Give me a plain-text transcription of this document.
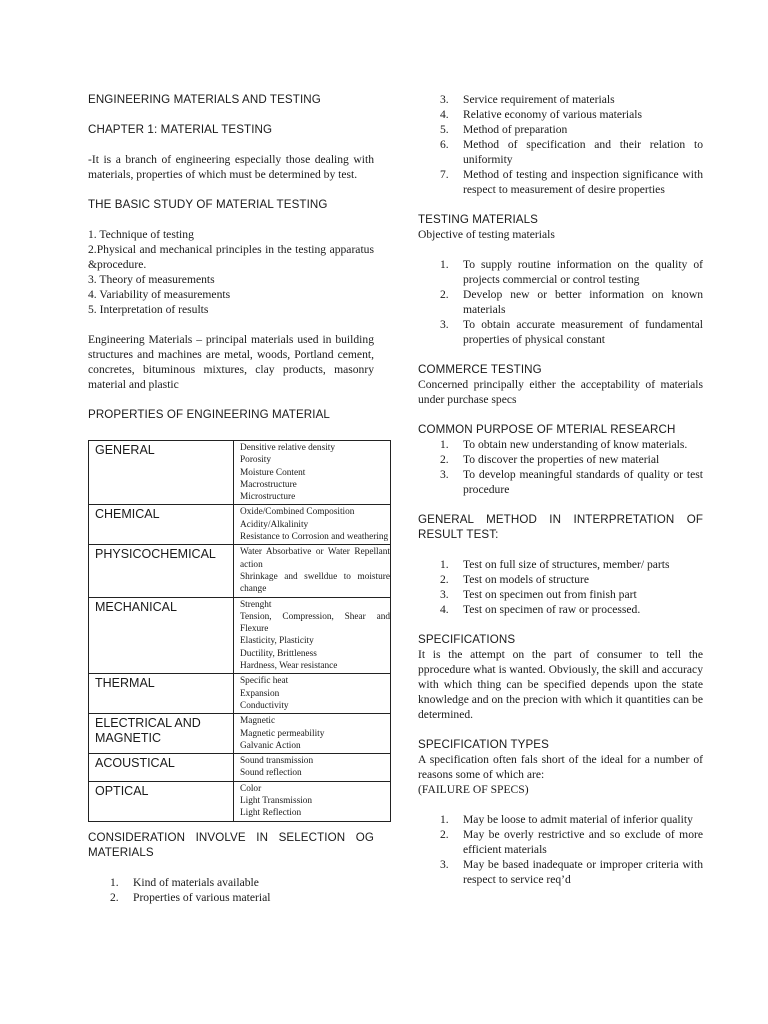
ENGINEERING MATERIALS AND TESTING

CHAPTER 1: MATERIAL TESTING

-It is a branch of engineering especially those dealing with materials, properties of which must be determined by test.

THE BASIC STUDY OF MATERIAL TESTING

1. Technique of testing
2.Physical and mechanical principles in the testing apparatus &procedure.
3. Theory of measurements
4. Variability of measurements
5. Interpretation of results

Engineering Materials – principal materials used in building structures and machines are metal, woods, Portland cement, concretes, bituminous mixtures, clay products, masonry material and plastic

PROPERTIES OF ENGINEERING MATERIAL

GENERAL	Densitive relative density
Porosity
Moisture Content
Macrostructure
Microstructure

CHEMICAL	Oxide/Combined Composition
Acidity/Alkalinity
Resistance to Corrosion and weathering

PHYSICOCHEMICAL	Water Absorbative or Water Repellant action
Shrinkage and swelldue to moisture change

MECHANICAL	Strenght
Tension, Compression, Shear and Flexure
Elasticity, Plasticity
Ductility, Brittleness
Hardness, Wear resistance

THERMAL	Specific heat
Expansion
Conductivity

ELECTRICAL AND MAGNETIC	Magnetic
Magnetic permeability
Galvanic Action

ACOUSTICAL	Sound transmission
Sound reflection

OPTICAL	Color
Light Transmission
Light Reflection

CONSIDERATION INVOLVE IN SELECTION OG MATERIALS

1. Kind of materials available
2. Properties of various material
3. Service requirement of materials
4. Relative economy of various materials
5. Method of preparation
6. Method of specification and their relation to uniformity
7. Method of testing and inspection significance with respect to measurement of desire properties

TESTING MATERIALS

Objective of testing materials

1. To supply routine information on the quality of projects commercial or control testing
2. Develop new or better information on known materials
3. To obtain accurate measurement of fundamental properties of physical constant

COMMERCE TESTING

Concerned principally either the acceptability of materials under purchase specs

COMMON PURPOSE OF MTERIAL RESEARCH

1. To obtain new understanding of know materials.
2. To discover the properties of new material
3. To develop meaningful standards of quality or test procedure

GENERAL METHOD IN INTERPRETATION OF RESULT TEST:

1. Test on full size of structures, member/ parts
2. Test on models of structure
3. Test on specimen out from finish part
4. Test on specimen of raw or processed.

SPECIFICATIONS

It is the attempt on the part of consumer to tell the pprocedure what is wanted. Obviously, the skill and accuracy with which thing can be specified depends upon the state knowledge and on the precion with which it quantities can be determined.

SPECIFICATION TYPES

A specification often fals short of the ideal for a number of reasons some of which are:

(FAILURE OF SPECS)

1. May be loose to admit material of inferior quality
2. May be overly restrictive and so exclude of more efficient materials
3. May be based inadequate or improper criteria with respect to service req’d
